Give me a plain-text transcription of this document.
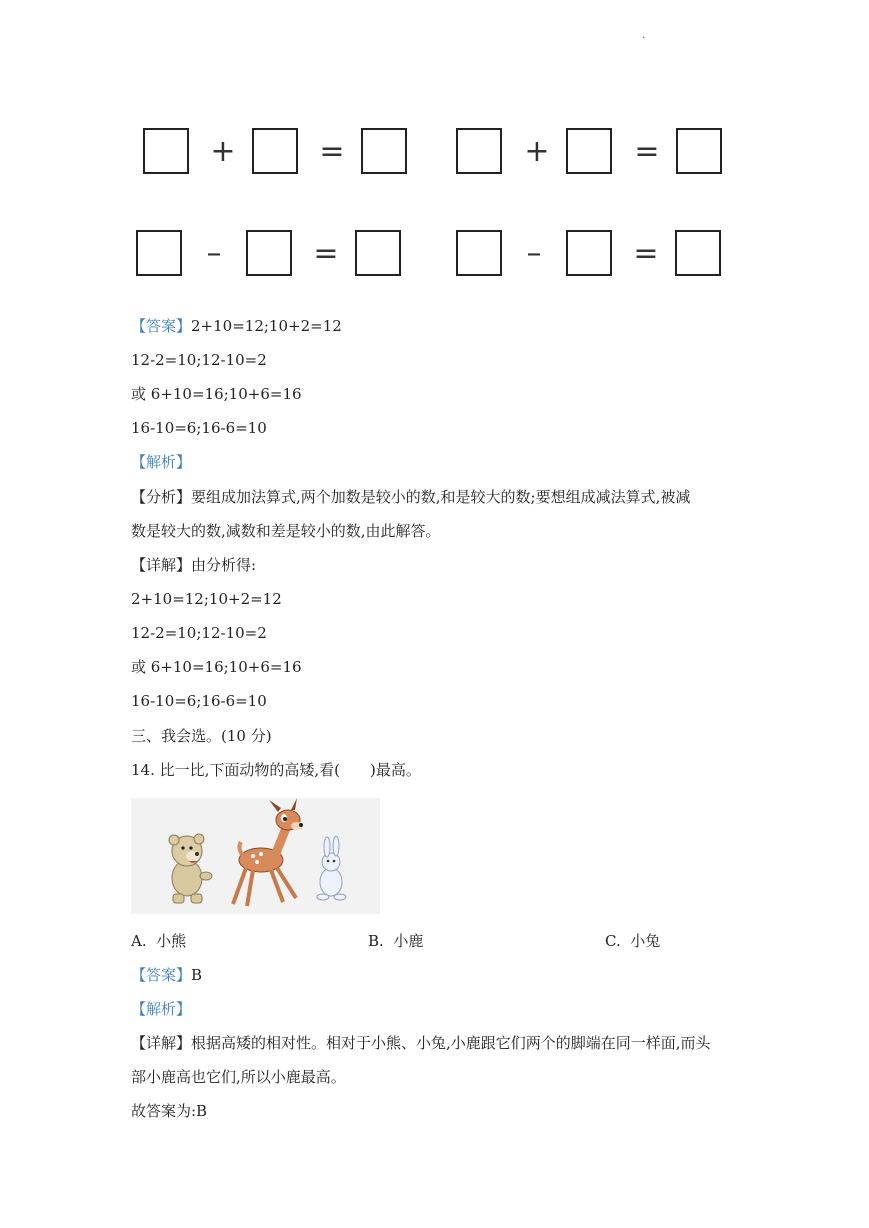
.
+	=	+	=
–	=	–	=
【答案】2+10=12;10+2=12
12-2=10;12-10=2
或 6+10=16;10+6=16
16-10=6;16-6=10
【解析】
【分析】要组成加法算式,两个加数是较小的数,和是较大的数;要想组成减法算式,被减
数是较大的数,减数和差是较小的数,由此解答。
【详解】由分析得:
2+10=12;10+2=12
12-2=10;12-10=2
或 6+10=16;10+6=16
16-10=6;16-6=10
三、我会选。(10 分)
14. 比一比,下面动物的高矮,看(　　)最高。
A. 小熊	B. 小鹿	C. 小兔
【答案】B
【解析】
【详解】根据高矮的相对性。相对于小熊、小兔,小鹿跟它们两个的脚端在同一样面,而头
部小鹿高也它们,所以小鹿最高。
故答案为:B
